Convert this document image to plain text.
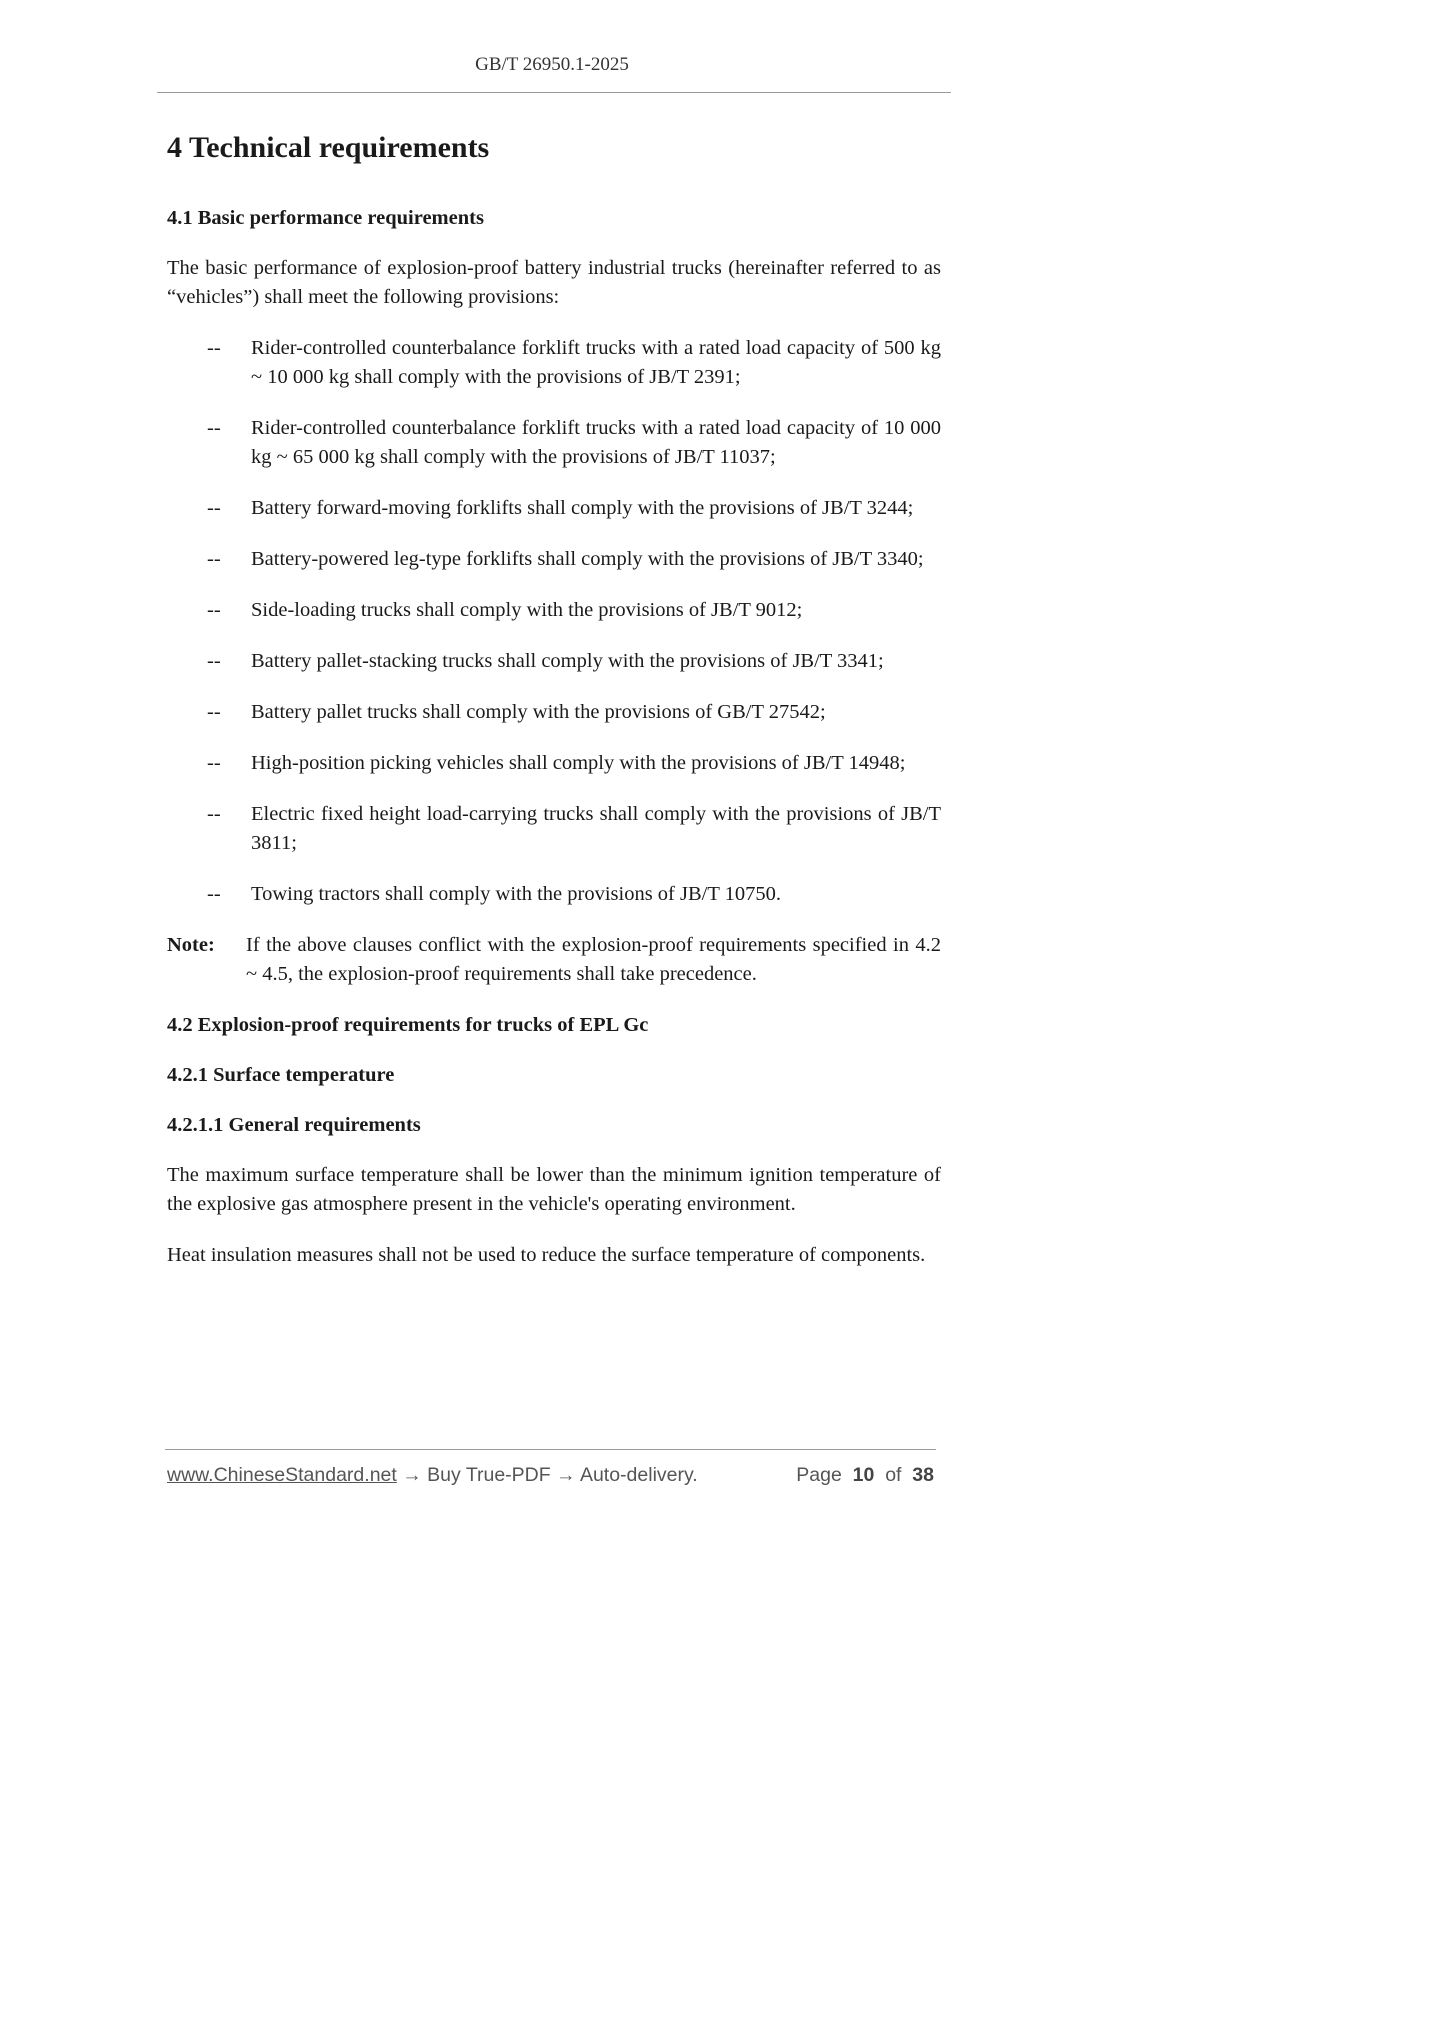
GB/T 26950.1-2025
4 Technical requirements
4.1 Basic performance requirements

The basic performance of explosion-proof battery industrial trucks (hereinafter referred to as “vehicles”) shall meet the following provisions:

-- Rider-controlled counterbalance forklift trucks with a rated load capacity of 500 kg ~ 10 000 kg shall comply with the provisions of JB/T 2391;
-- Rider-controlled counterbalance forklift trucks with a rated load capacity of 10 000 kg ~ 65 000 kg shall comply with the provisions of JB/T 11037;
-- Battery forward-moving forklifts shall comply with the provisions of JB/T 3244;
-- Battery-powered leg-type forklifts shall comply with the provisions of JB/T 3340;
-- Side-loading trucks shall comply with the provisions of JB/T 9012;
-- Battery pallet-stacking trucks shall comply with the provisions of JB/T 3341;
-- Battery pallet trucks shall comply with the provisions of GB/T 27542;
-- High-position picking vehicles shall comply with the provisions of JB/T 14948;
-- Electric fixed height load-carrying trucks shall comply with the provisions of JB/T 3811;
-- Towing tractors shall comply with the provisions of JB/T 10750.
Note: If the above clauses conflict with the explosion-proof requirements specified in 4.2 ~ 4.5, the explosion-proof requirements shall take precedence.
4.2 Explosion-proof requirements for trucks of EPL Gc
4.2.1 Surface temperature
4.2.1.1 General requirements

The maximum surface temperature shall be lower than the minimum ignition temperature of the explosive gas atmosphere present in the vehicle's operating environment.

Heat insulation measures shall not be used to reduce the surface temperature of components.

www.ChineseStandard.net → Buy True-PDF → Auto-delivery.	Page 10 of 38
